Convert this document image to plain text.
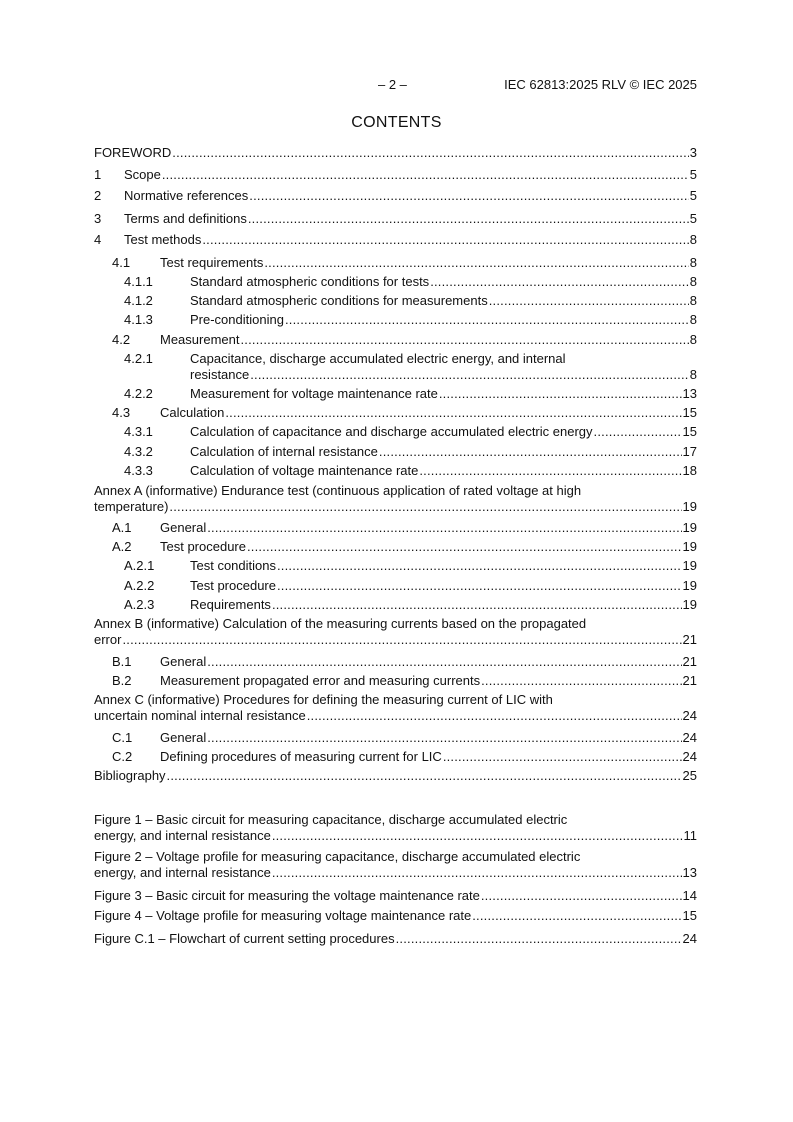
– 2 –	IEC 62813:2025 RLV © IEC 2025
CONTENTS
FOREWORD .....	3
1 Scope .....	5
2 Normative references .....	5
3 Terms and definitions .....	5
4 Test methods .....	8
4.1 Test requirements .....	8
4.1.1	Standard atmospheric conditions for tests .....	8
4.1.2	Standard atmospheric conditions for measurements .....	8
4.1.3	Pre-conditioning .....	8
4.2 Measurement .....	8
4.2.1	Capacitance, discharge accumulated electric energy, and internal
resistance .....	8
4.2.2	Measurement for voltage maintenance rate .....	13
4.3 Calculation .....	15
4.3.1	Calculation of capacitance and discharge accumulated electric energy .....	15
4.3.2	Calculation of internal resistance .....	17
4.3.3	Calculation of voltage maintenance rate .....	18
Annex A (informative) Endurance test (continuous application of rated voltage at high
temperature) .....	19
A.1 General .....	19
A.2 Test procedure .....	19
A.2.1	Test conditions .....	19
A.2.2	Test procedure .....	19
A.2.3	Requirements .....	19
Annex B (informative) Calculation of the measuring currents based on the propagated
error .....	21
B.1 General .....	21
B.2 Measurement propagated error and measuring currents .....	21
Annex C (informative) Procedures for defining the measuring current of LIC with
uncertain nominal internal resistance .....	24
C.1 General .....	24
C.2 Defining procedures of measuring current for LIC .....	24
Bibliography .....	25
Figure 1 – Basic circuit for measuring capacitance, discharge accumulated electric
energy, and internal resistance .....	11
Figure 2 – Voltage profile for measuring capacitance, discharge accumulated electric
energy, and internal resistance .....	13
Figure 3 – Basic circuit for measuring the voltage maintenance rate .....	14
Figure 4 – Voltage profile for measuring voltage maintenance rate .....	15
Figure C.1 – Flowchart of current setting procedures .....	24
